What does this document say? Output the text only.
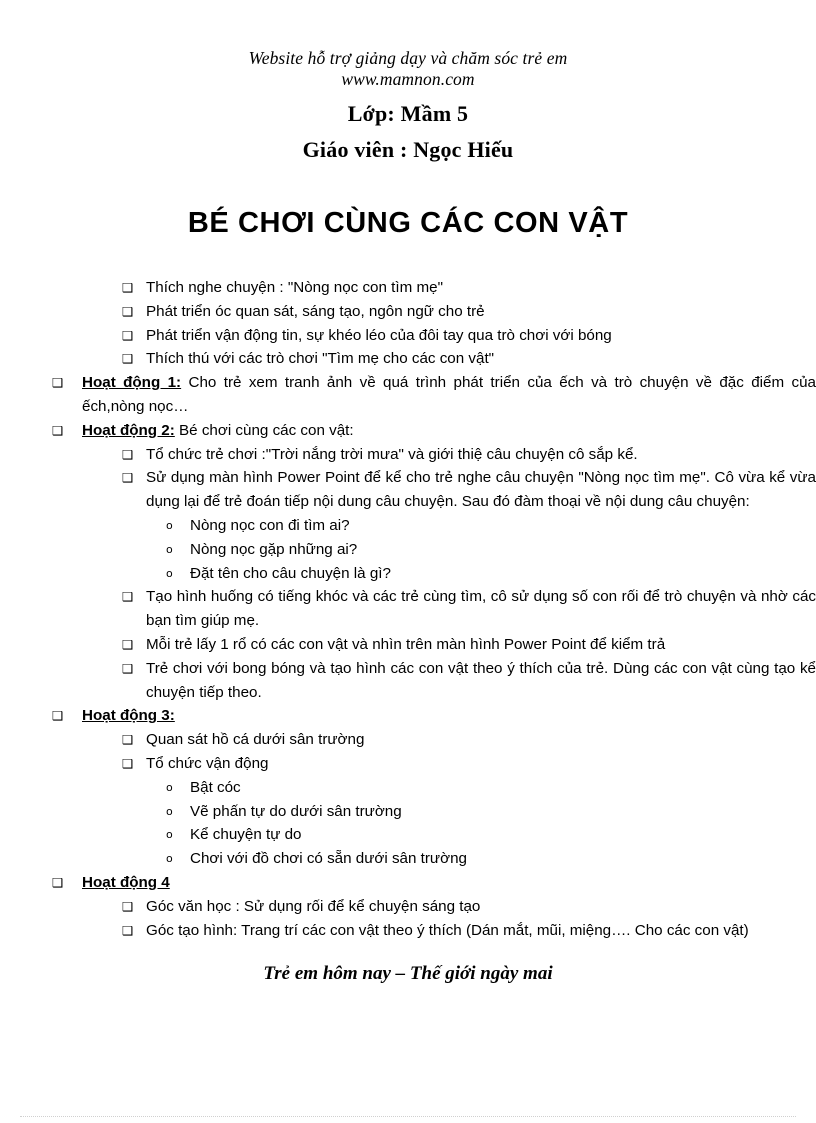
Website hỗ trợ giảng dạy và chăm sóc trẻ em
www.mamnon.com
Lớp: Mầm 5
Giáo viên : Ngọc Hiếu
BÉ CHƠI CÙNG CÁC CON VẬT
❑ Thích nghe chuyện : "Nòng nọc con tìm mẹ"
❑ Phát triển óc quan sát, sáng tạo, ngôn ngữ cho trẻ
❑ Phát triển vận động tin, sự khéo léo của đôi tay qua trò chơi với bóng
❑ Thích thú với các trò chơi "Tìm mẹ cho các con vật"
❑	Hoạt động 1: Cho trẻ xem tranh ảnh về quá trình phát triển của ếch và trò chuyện về đặc điểm của ếch,nòng nọc…
❑	Hoạt động 2: Bé chơi cùng các con vật:
❑ Tổ chức trẻ chơi :"Trời nắng trời mưa" và giới thiệ câu chuyện cô sắp kể.
❑ Sử dụng màn hình Power Point để kể cho trẻ nghe câu chuyện "Nòng nọc tìm mẹ". Cô vừa kể vừa dụng lại để trẻ đoán tiếp nội dung câu chuyện. Sau đó đàm thoại về nội dung câu chuyện:
o	Nòng nọc con đi tìm ai?
o	Nòng nọc gặp những ai?
o	Đặt tên cho câu chuyện là gì?
❑ Tạo hình huống có tiếng khóc và các trẻ cùng tìm, cô sử dụng số con rối để trò chuyện và nhờ các bạn tìm giúp mẹ.
❑ Mỗi trẻ lấy 1 rổ có các con vật và nhìn trên màn hình Power Point để kiểm trả
❑ Trẻ chơi với bong bóng và tạo hình các con vật theo ý thích của trẻ. Dùng các con vật cùng tạo kể chuyện tiếp theo.
❑	Hoạt động 3:
❑ Quan sát hồ cá dưới sân trường
❑ Tổ chức vận động
o	Bật cóc
o	Vẽ phấn tự do dưới sân trường
o	Kể chuyện tự do
o	Chơi với đồ chơi có sẵn dưới sân trường
❑	Hoạt động 4
❑ Góc văn học : Sử dụng rối để kể chuyện sáng tạo
❑ Góc tạo hình: Trang trí các con vật theo ý thích (Dán mắt, mũi, miệng…. Cho các con vật)
Trẻ em hôm nay – Thế giới ngày mai
